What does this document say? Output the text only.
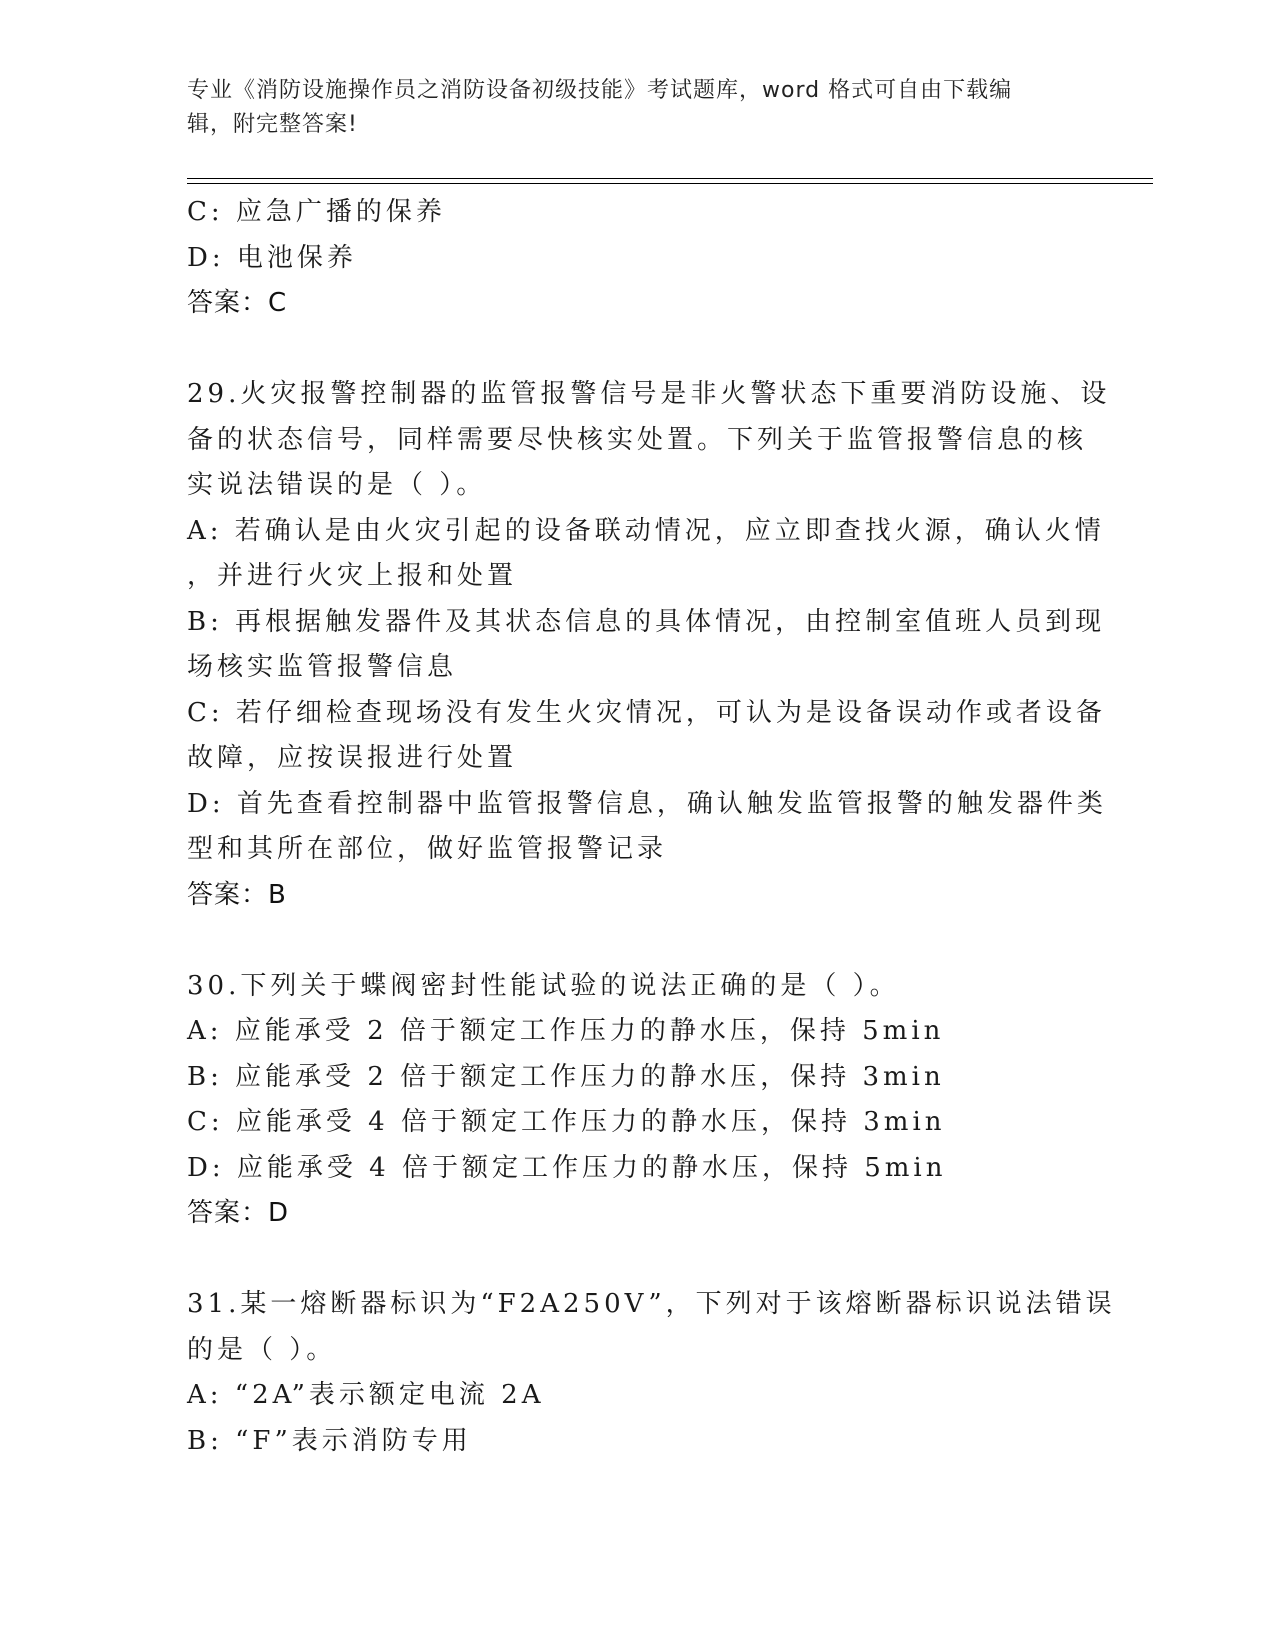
专业《消防设施操作员之消防设备初级技能》考试题库，word 格式可自由下载编
辑，附完整答案!
C: 应急广播的保养
D: 电池保养
答案：C
29.火灾报警控制器的监管报警信号是非火警状态下重要消防设施、设
备的状态信号，同样需要尽快核实处置。下列关于监管报警信息的核
实说法错误的是（ ）。
A: 若确认是由火灾引起的设备联动情况，应立即查找火源，确认火情
，并进行火灾上报和处置
B: 再根据触发器件及其状态信息的具体情况，由控制室值班人员到现
场核实监管报警信息
C: 若仔细检查现场没有发生火灾情况，可认为是设备误动作或者设备
故障，应按误报进行处置
D: 首先查看控制器中监管报警信息，确认触发监管报警的触发器件类
型和其所在部位，做好监管报警记录
答案：B
30.下列关于蝶阀密封性能试验的说法正确的是（ ）。
A: 应能承受 2 倍于额定工作压力的静水压，保持 5min
B: 应能承受 2 倍于额定工作压力的静水压，保持 3min
C: 应能承受 4 倍于额定工作压力的静水压，保持 3min
D: 应能承受 4 倍于额定工作压力的静水压，保持 5min
答案：D
31.某一熔断器标识为“F2A250V”，下列对于该熔断器标识说法错误
的是（ ）。
A: “2A”表示额定电流 2A
B: “F”表示消防专用
